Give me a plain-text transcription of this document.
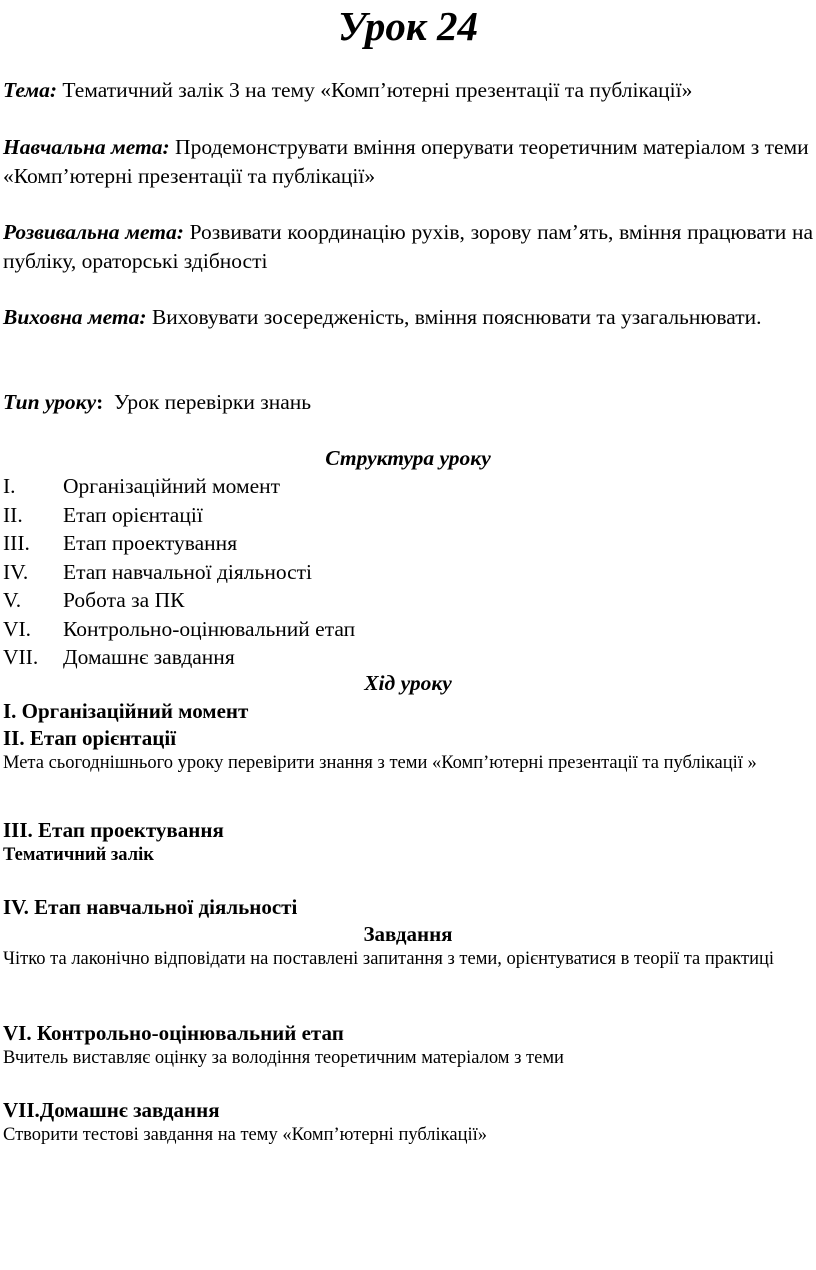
Урок 24
Тема: Тематичний залік 3 на тему «Комп’ютерні презентації та публікації»
Навчальна мета: Продемонструвати вміння оперувати теоретичним матеріалом з теми «Комп’ютерні презентації та публікації»
Розвивальна мета: Розвивати координацію рухів, зорову пам’ять, вміння працювати на публіку, ораторські здібності
Виховна мета: Виховувати зосередженість, вміння пояснювати та узагальнювати.
Тип уроку:  Урок перевірки знань
Структура уроку
I.	Організаційний момент
II.	Етап орієнтації
III.	Етап проектування
IV.	Етап навчальної діяльності
V.	Робота за ПК
VI.	Контрольно-оцінювальний етап
VII.	Домашнє завдання
Хід уроку
I. Організаційний момент
II. Етап орієнтації
Мета сьогоднішнього уроку перевірити знання з теми «Комп’ютерні презентації та публікації »
III. Етап проектування
Тематичний залік
IV. Етап навчальної діяльності
Завдання
Чітко та лаконічно відповідати на поставлені запитання з теми, орієнтуватися в теорії та практиці
VI. Контрольно-оцінювальний етап
Вчитель виставляє оцінку за володіння теоретичним матеріалом з теми
VII.Домашнє завдання
Створити тестові завдання на тему «Комп’ютерні публікації»
